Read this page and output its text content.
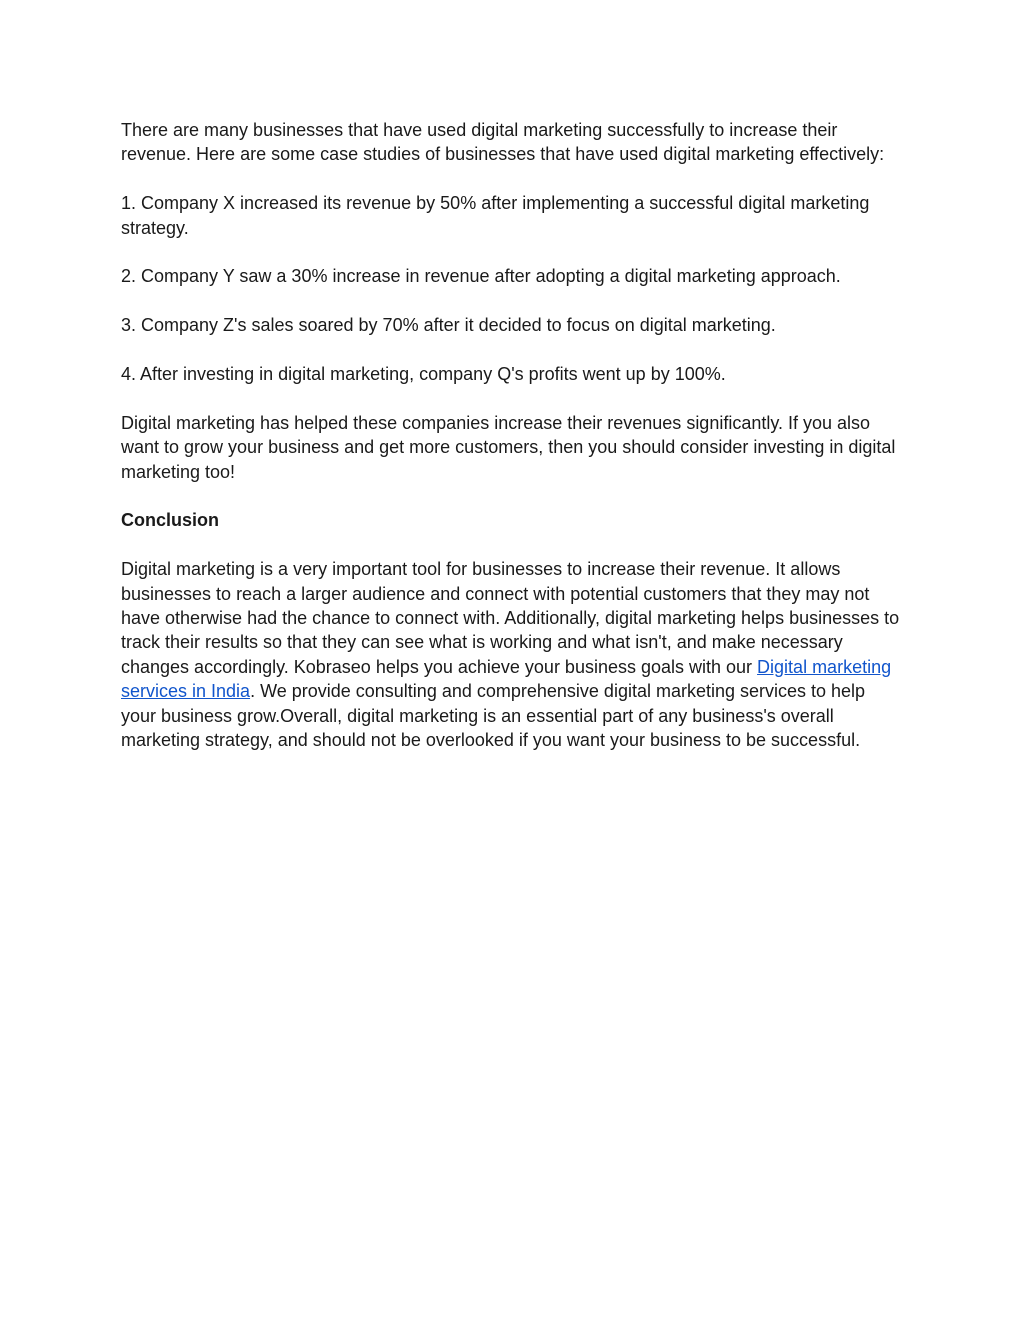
There are many businesses that have used digital marketing successfully to increase their revenue. Here are some case studies of businesses that have used digital marketing effectively:

1. Company X increased its revenue by 50% after implementing a successful digital marketing strategy.

2. Company Y saw a 30% increase in revenue after adopting a digital marketing approach.

3. Company Z's sales soared by 70% after it decided to focus on digital marketing.

4. After investing in digital marketing, company Q's profits went up by 100%.

Digital marketing has helped these companies increase their revenues significantly. If you also want to grow your business and get more customers, then you should consider investing in digital marketing too!

Conclusion

Digital marketing is a very important tool for businesses to increase their revenue. It allows businesses to reach a larger audience and connect with potential customers that they may not have otherwise had the chance to connect with. Additionally, digital marketing helps businesses to track their results so that they can see what is working and what isn't, and make necessary changes accordingly. Kobraseo helps you achieve your business goals with our Digital marketing services in India. We provide consulting and comprehensive digital marketing services to help your business grow.Overall, digital marketing is an essential part of any business's overall marketing strategy, and should not be overlooked if you want your business to be successful.
